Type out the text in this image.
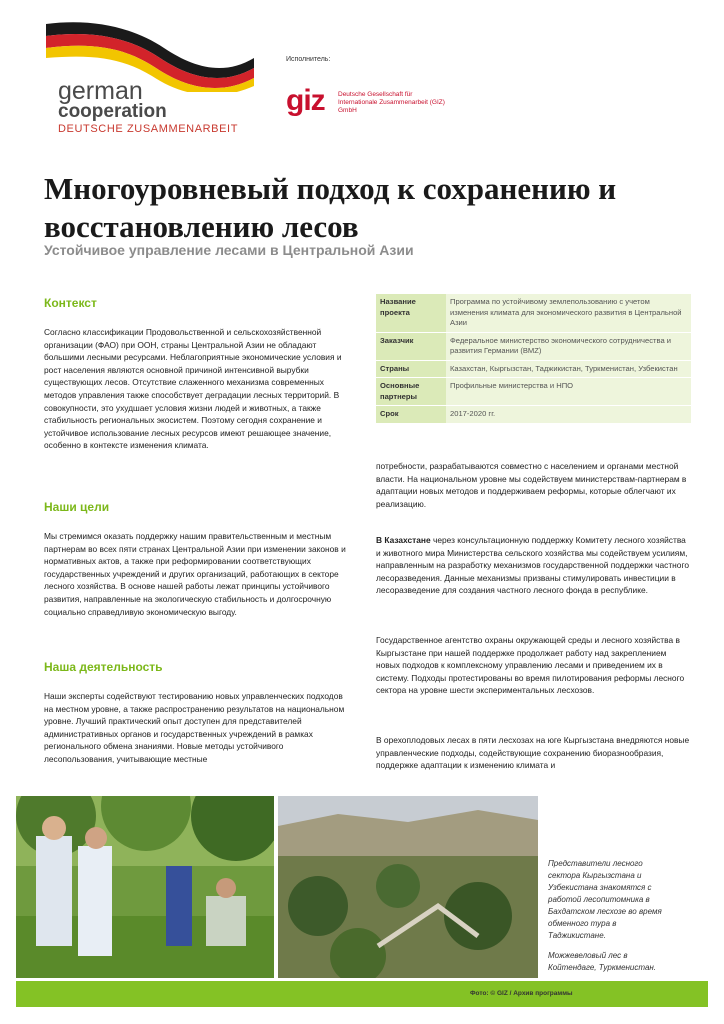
german
cooperation
DEUTSCHE ZUSAMMENARBEIT
Исполнитель:
giz Deutsche Gesellschaft für Internationale Zusammenarbeit (GIZ) GmbH
Многоуровневый подход к сохранению и восстановлению лесов
Устойчивое управление лесами в Центральной Азии
Контекст
Согласно классификации Продовольственной и сельскохозяйственной организации (ФАО) при ООН, страны Центральной Азии не обладают большими лесными ресурсами. Неблагоприятные экономические условия и рост населения являются основной причиной интенсивной вырубки существующих лесов. Отсутствие слаженного механизма современных методов управления также способствует деградации лесных территорий. В совокупности, это ухудшает условия жизни людей и животных, а также стабильность региональных экосистем. Поэтому сегодня сохранение и устойчивое использование лесных ресурсов имеют решающее значение, особенно в контексте изменения климата.
Наши цели
Мы стремимся оказать поддержку нашим правительственным и местным партнерам во всех пяти странах Центральной Азии при изменении законов и нормативных актов, а также при реформировании соответствующих государственных учреждений и других организаций, работающих в секторе лесного хозяйства. В основе нашей работы лежат принципы устойчивого развития, направленные на экологическую стабильность и долгосрочную социально справедливую экономическую выгоду.
Наша деятельность
Наши эксперты содействуют тестированию новых управленческих подходов на местном уровне, а также распространению результатов на национальном уровне. Лучший практический опыт доступен для представителей административных органов и государственных учреждений в рамках регионального обмена знаниями. Новые методы устойчивого лесопользования, учитывающие местные
Название проекта	Программа по устойчивому землепользованию с учетом изменения климата для экономического развития в Центральной Азии
Заказчик	Федеральное министерство экономического сотрудничества и развития Германии (BMZ)
Страны	Казахстан, Кыргызстан, Таджикистан, Туркменистан, Узбекистан
Основные партнеры	Профильные министерства и НПО
Срок	2017-2020 гг.
потребности, разрабатываются совместно с населением и органами местной власти. На национальном уровне мы содействуем министерствам-партнерам в адаптации новых методов и поддерживаем реформы, которые облегчают их реализацию.
В Казахстане через консультационную поддержку Комитету лесного хозяйства и животного мира Министерства сельского хозяйства мы содействуем усилиям, направленным на разработку механизмов государственной поддержки частного лесоразведения. Данные механизмы призваны стимулировать инвестиции в лесоразведение для создания частного лесного фонда в республике.
Государственное агентство охраны окружающей среды и лесного хозяйства в Кыргызстане при нашей поддержке продолжает работу над закреплением новых подходов к комплексному управлению лесами и приведением их в систему. Подходы протестированы во время пилотирования реформы лесного сектора на уровне шести экспериментальных лесхозов.
В орехоплодовых лесах в пяти лесхозах на юге Кыргызстана внедряются новые управленческие подходы, содействующие сохранению биоразнообразия, поддержке адаптации к изменению климата и
Представители лесного сектора Кыргызстана и Узбекистана знакомятся с работой лесопитомника в Бахдатском лесхозе во время обменного тура в Таджикистане.
Можжевеловый лес в Койтендаге, Туркменистан.
Фото: © GIZ / Архив программы
